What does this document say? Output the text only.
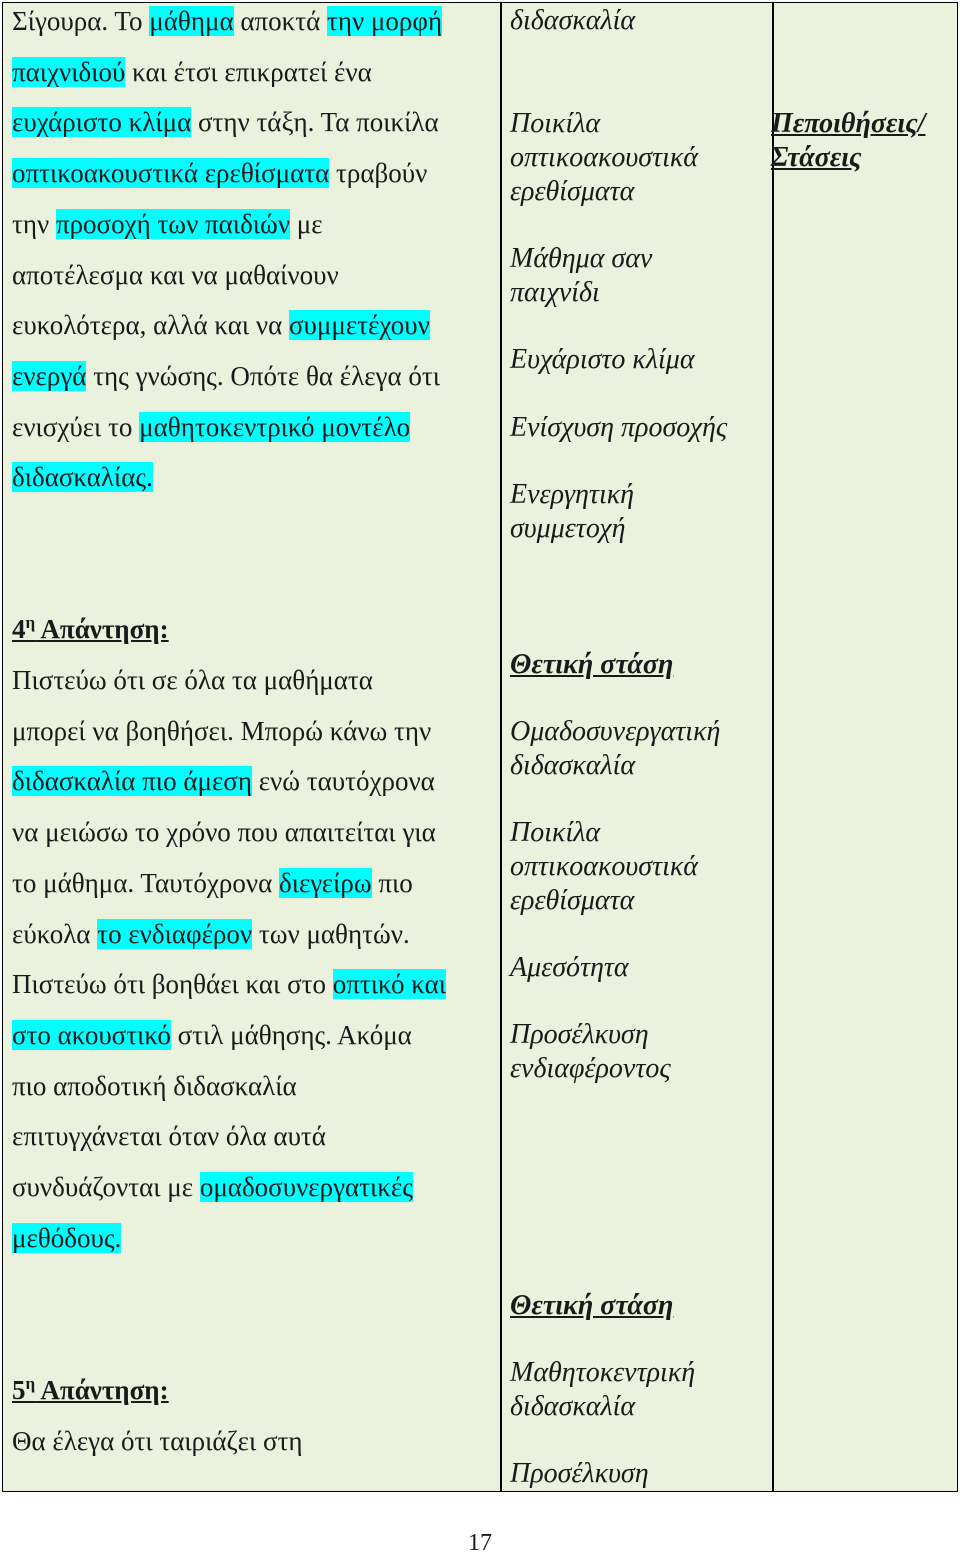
Σίγουρα. Το μάθημα αποκτά την μορφή
παιχνιδιού και έτσι επικρατεί ένα
ευχάριστο κλίμα στην τάξη. Τα ποικίλα
οπτικοακουστικά ερεθίσματα τραβούν
την προσοχή των παιδιών με
αποτέλεσμα και να μαθαίνουν
ευκολότερα, αλλά και να συμμετέχουν
ενεργά της γνώσης. Οπότε θα έλεγα ότι
ενισχύει το μαθητοκεντρικό μοντέλο
διδασκαλίας.
$4^\eta$ Απάντηση:
Πιστεύω ότι σε όλα τα μαθήματα
μπορεί να βοηθήσει. Μπορώ κάνω την
διδασκαλία πιο άμεση ενώ ταυτόχρονα
να μειώσω το χρόνο που απαιτείται για
το μάθημα. Ταυτόχρονα διεγείρω πιο
εύκολα το ενδιαφέρον των μαθητών.
Πιστεύω ότι βοηθάει και στο οπτικό και
στο ακουστικό στιλ μάθησης. Ακόμα
πιο αποδοτική διδασκαλία
επιτυγχάνεται όταν όλα αυτά
συνδυάζονται με ομαδοσυνεργατικές
μεθόδους.
$5^\eta$ Απάντηση:
Θα έλεγα ότι ταιριάζει στη
διδασκαλία
Ποικίλα
οπτικοακουστικά
ερεθίσματα
Μάθημα σαν
παιχνίδι
Ευχάριστο κλίμα
Ενίσχυση προσοχής
Ενεργητική
συμμετοχή
Θετική στάση
Ομαδοσυνεργατική
διδασκαλία
Ποικίλα
οπτικοακουστικά
ερεθίσματα
Αμεσότητα
Προσέλκυση
ενδιαφέροντος
Θετική στάση
Μαθητοκεντρική
διδασκαλία
Προσέλκυση
Πεποιθήσεις/
Στάσεις
17
